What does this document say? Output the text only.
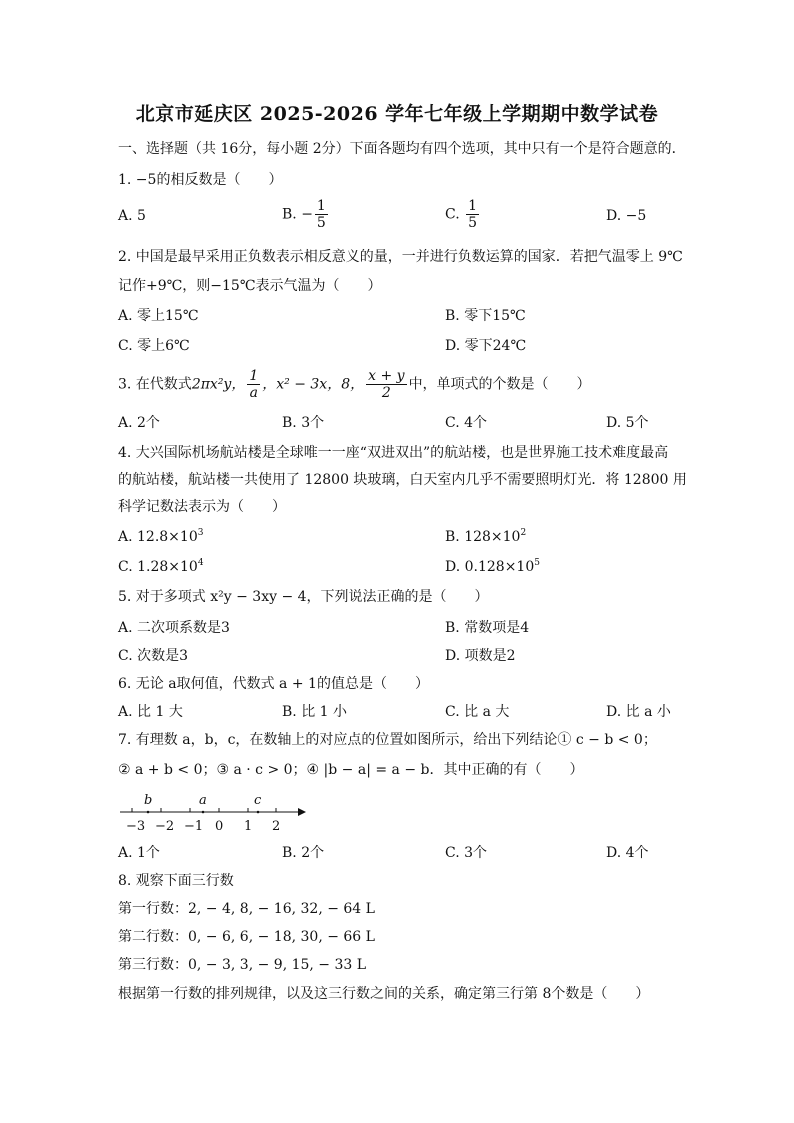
北京市延庆区 2025-2026 学年七年级上学期期中数学试卷
一、选择题（共 16分，每小题 2分）下面各题均有四个选项，其中只有一个是符合题意的．
1. −5的相反数是（　　）
A. 5	B. − $\frac{1}{5}$	C. $\frac{1}{5}$	D. −5
2. 中国是最早采用正负数表示相反意义的量，一并进行负数运算的国家．若把气温零上 9℃
记作+9℃，则−15℃表示气温为（　　）
A. 零上15℃	B. 零下15℃
C. 零上6℃	D. 零下24℃
3. 在代数式2πx²y， $\frac{1}{a}$ ，x² − 3x，8， $\frac{x + y}{2}$ 中，单项式的个数是（　　）
A. 2个	B. 3个	C. 4个	D. 5个
4. 大兴国际机场航站楼是全球唯一一座“双进双出”的航站楼，也是世界施工技术难度最高
的航站楼，航站楼一共使用了 12800 块玻璃，白天室内几乎不需要照明灯光．将 12800 用
科学记数法表示为（　　）
A. $12.8\times 10^3$	B. $128\times 10^2$
C. $1.28\times 10^4$	D. $0.128\times 10^5$
5. 对于多项式 x²y − 3xy − 4，下列说法正确的是（　　）
A. 二次项系数是3	B. 常数项是4
C. 次数是3	D. 项数是2
6. 无论 a取何值，代数式 a + 1的值总是（　　）
A. 比 1 大	B. 比 1 小	C. 比 a 大	D. 比 a 小
7. 有理数 a，b，c，在数轴上的对应点的位置如图所示，给出下列结论① c − b < 0；
② a + b < 0；③ a · c > 0；④ |b − a| = a − b．其中正确的有（　　）
−3 −2 −1 0 1 2
b	a	c
A. 1个	B. 2个	C. 3个	D. 4个
8. 观察下面三行数
第一行数：2, − 4, 8, − 16, 32, − 64 L
第二行数：0, − 6, 6, − 18, 30, − 66 L
第三行数：0, − 3, 3, − 9, 15, − 33 L
根据第一行数的排列规律，以及这三行数之间的关系，确定第三行第 8个数是（　　）
